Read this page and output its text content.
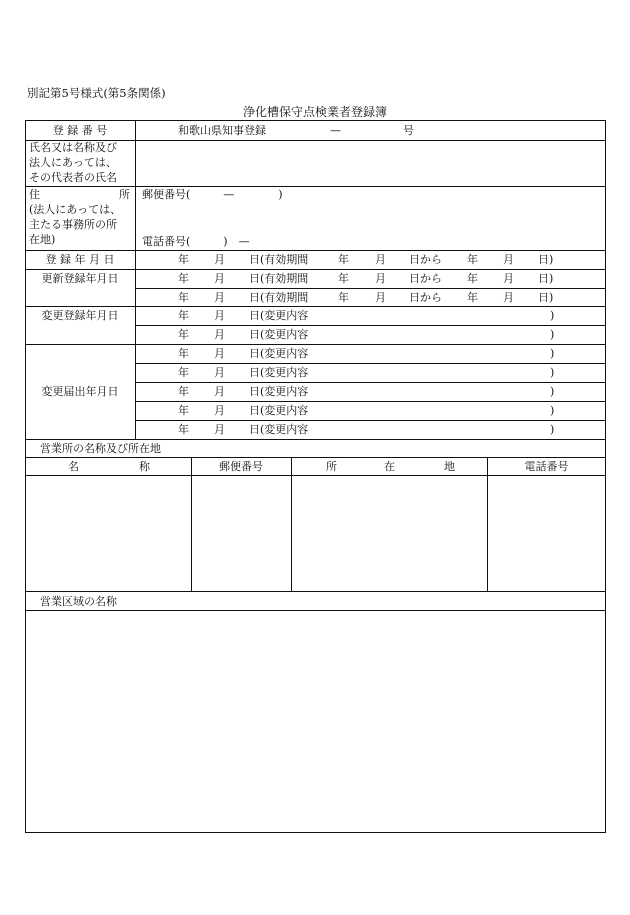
別記第5号様式(第5条関係)
浄化槽保守点検業者登録簿
登 録 番 号	和歌山県知事登録	—	号
氏名又は名称及び
法人にあっては、
その代表者の氏名
住	所
(法人にあっては、
主たる事務所の所
在地)
郵便番号(　　　—　　　　)
電話番号(　　　)　—
登 録 年 月 日	年 月 日(有効期間	年 月 日から 年 月 日)
更新登録年月日	年 月 日(有効期間	年 月 日から 年 月 日)
年 月 日(有効期間	年 月 日から 年 月 日)
変更登録年月日	年 月 日(変更内容	)
年 月 日(変更内容	)
変更届出年月日
年 月 日(変更内容	)
年 月 日(変更内容	)
年 月 日(変更内容	)
年 月 日(変更内容	)
年 月 日(変更内容	)
営業所の名称及び所在地
名	称	郵便番号	所	在	地	電話番号
営業区域の名称
